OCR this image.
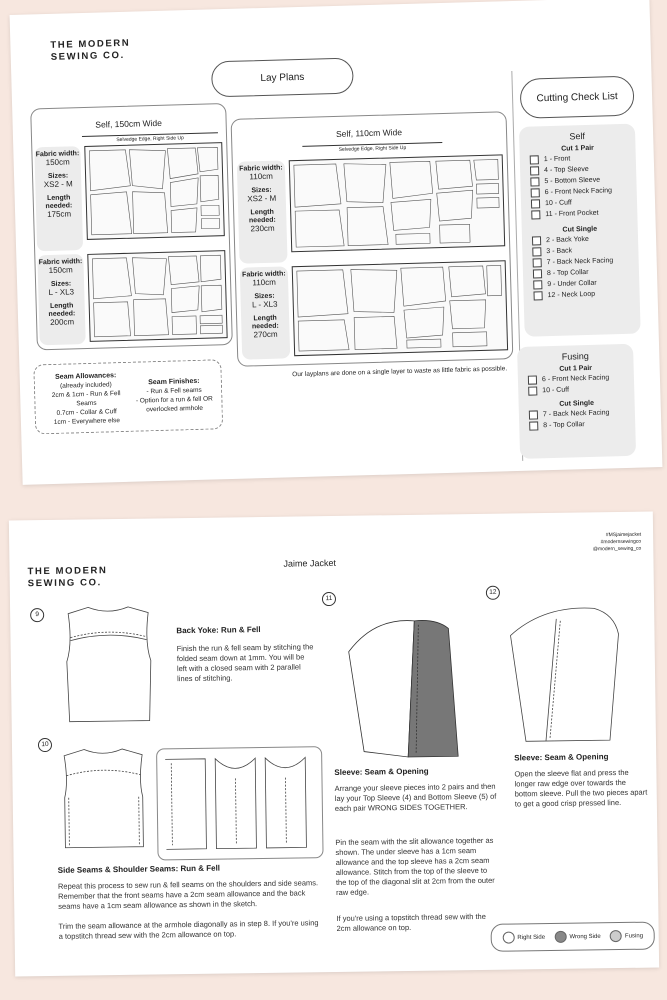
THE MODERN
SEWING CO.
Lay Plans
Self, 150cm Wide
Selvedge Edge, Right Side Up
Fabric width:
150cm
Sizes:
XS2 - M
Length needed:
175cm
Fabric width:
150cm
Sizes:
L - XL3
Length needed:
200cm
Self, 110cm Wide
Selvedge Edge, Right Side Up
Fabric width:
110cm
Sizes:
XS2 - M
Length needed:
230cm
Fabric width:
110cm
Sizes:
L - XL3
Length needed:
270cm
Our layplans are done on a single layer to waste as little fabric as possible.
Seam Allowances:
(already included)
2cm & 1cm - Run & Fell Seams
0.7cm - Collar & Cuff
1cm - Everywhere else
Seam Finishes:
- Run & Fell seams
- Option for a run & fell OR
overlocked armhole
Cutting Check List
Self
Cut 1 Pair
1 - Front
4 - Top Sleeve
5 - Bottom Sleeve
6 - Front Neck Facing
10 - Cuff
11 - Front Pocket
Cut Single
2 - Back Yoke
3 - Back
7 - Back Neck Facing
8 - Top Collar
9 - Under Collar
12 - Neck Loop
Fusing
Cut 1 Pair
6 - Front Neck Facing
10 - Cuff
Cut Single
7 - Back Neck Facing
8 - Top Collar
THE MODERN
SEWING CO.
Jaime Jacket
#MSjaimejacket
#modernsewingco
@modern_sewing_co
9
Back Yoke: Run & Fell
Finish the run & fell seam by stitching the folded seam down at 1mm. You will be left with a closed seam with 2 parallel lines of stitching.
10
Side Seams & Shoulder Seams: Run & Fell
Repeat this process to sew run & fell seams on the shoulders and side seams. Remember that the front seams have a 2cm seam allowance and the back seams have a 1cm seam allowance as shown in the sketch.
Trim the seam allowance at the armhole diagonally as in step 8. If you're using a topstitch thread sew with the 2cm allowance on top.
11
Sleeve: Seam & Opening
Arrange your sleeve pieces into 2 pairs and then lay your Top Sleeve (4) and Bottom Sleeve (5) of each pair WRONG SIDES TOGETHER.
Pin the seam with the slit allowance together as shown. The under sleeve has a 1cm seam allowance and the top sleeve has a 2cm seam allowance. Stitch from the top of the sleeve to the top of the diagonal slit at 2cm from the outer raw edge.
If you're using a topstitch thread sew with the 2cm allowance on top.
12
Sleeve: Seam & Opening
Open the sleeve flat and press the longer raw edge over towards the bottom sleeve. Pull the two pieces apart to get a good crisp pressed line.
Right Side	Wrong Side	Fusing
